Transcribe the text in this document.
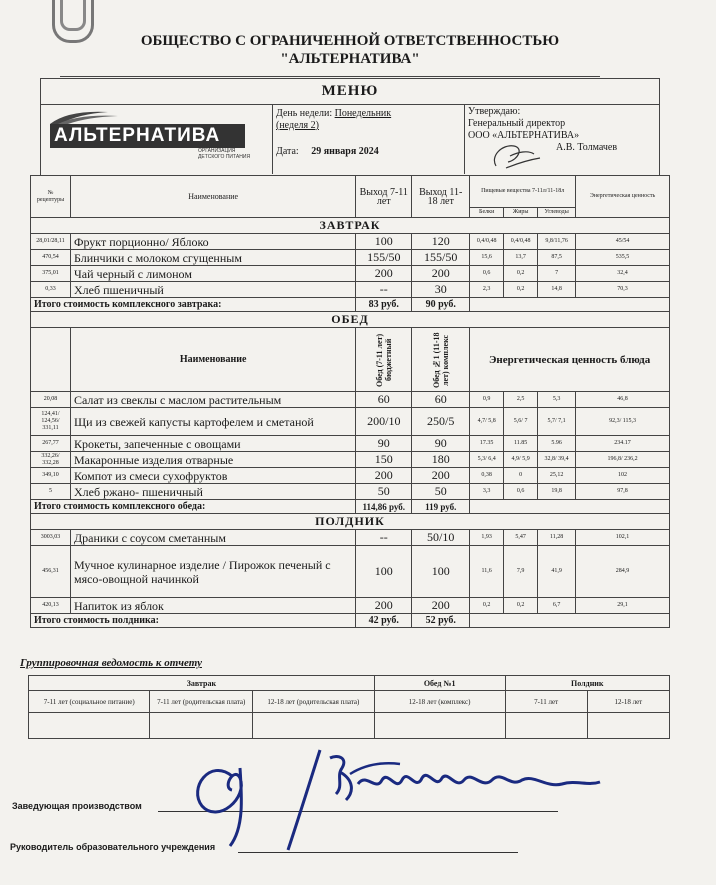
ОБЩЕСТВО С ОГРАНИЧЕННОЙ ОТВЕТСТВЕННОСТЬЮ
"АЛЬТЕРНАТИВА"
МЕНЮ
АЛЬТЕРНАТИВА
ОРГАНИЗАЦИЯ ДЕТСКОГО ПИТАНИЯ
День недели: Понедельник
(неделя 2)
Дата: 29 января 2024
Утверждаю:
Генеральный директор
ООО «АЛЬТЕРНАТИВА»
А.В. Толмачев
№ рецептуры	Наименование	Выход 7-11 лет	Выход 11-18 лет	Пищевые вещества 7-11л/11-18л			Энергетическая ценность
				Белки	Жиры	Углеводы	
ЗАВТРАК							
28,01/28,11	Фрукт порционно/ Яблоко	100	120	0,4/0,48	0,4/0,48	9,8/11,76	45/54
470,54	Блинчики с молоком сгущенным	155/50	155/50	15,6	13,7	87,5	535,5
375,01	Чай черный с лимоном	200	200	0,6	0,2	7	32,4
0,33	Хлеб пшеничный	--	30	2,3	0,2	14,8	70,3
Итого стоимость комплексного завтрака:		83 руб.	90 руб.				
ОБЕД							
	Наименование	Обед (7-11 лет) бюджетный	Обед №1 (11-18 лет) комплекс	Энергетическая ценность блюда			
20,08	Салат из свеклы с маслом растительным	60	60	0,9	2,5	5,3	46,8
124,41/ 124,56/ 331,11	Щи из свежей капусты картофелем и сметаной	200/10	250/5	4,7/ 5,8	5,6/ 7	5,7/ 7,1	92,3/ 115,3
267,77	Крокеты, запеченные с овощами	90	90	17.35	11.85	5.96	234.17
332,26/ 332,28	Макаронные изделия отварные	150	180	5,3/ 6,4	4,9/ 5,9	32,8/ 39,4	196,8/ 236,2
349,10	Компот из смеси сухофруктов	200	200	0,38	0	25,12	102
5	Хлеб ржано- пшеничный	50	50	3,3	0,6	19,8	97,8
Итого стоимость комплексного обеда:		114,86 руб.	119 руб.				
ПОЛДНИК							
3003,03	Драники с соусом сметанным	--	50/10	1,93	5,47	11,28	102,1
456,31	Мучное кулинарное изделие / Пирожок печеный с мясо-овощной начинкой	100	100	11,6	7,9	41,9	284,9
420,13	Напиток из яблок	200	200	0,2	0,2	6,7	29,1
Итого стоимость полдника:		42 руб.	52 руб.				
Группировочная ведомость к отчету
Завтрак			Обед №1	Полдник	
7-11 лет (социальное питание)	7-11 лет (родительская плата)	12-18 лет (родительская плата)	12-18 лет (комплекс)	7-11 лет	12-18 лет

Заведующая производством
Руководитель образовательного учреждения
